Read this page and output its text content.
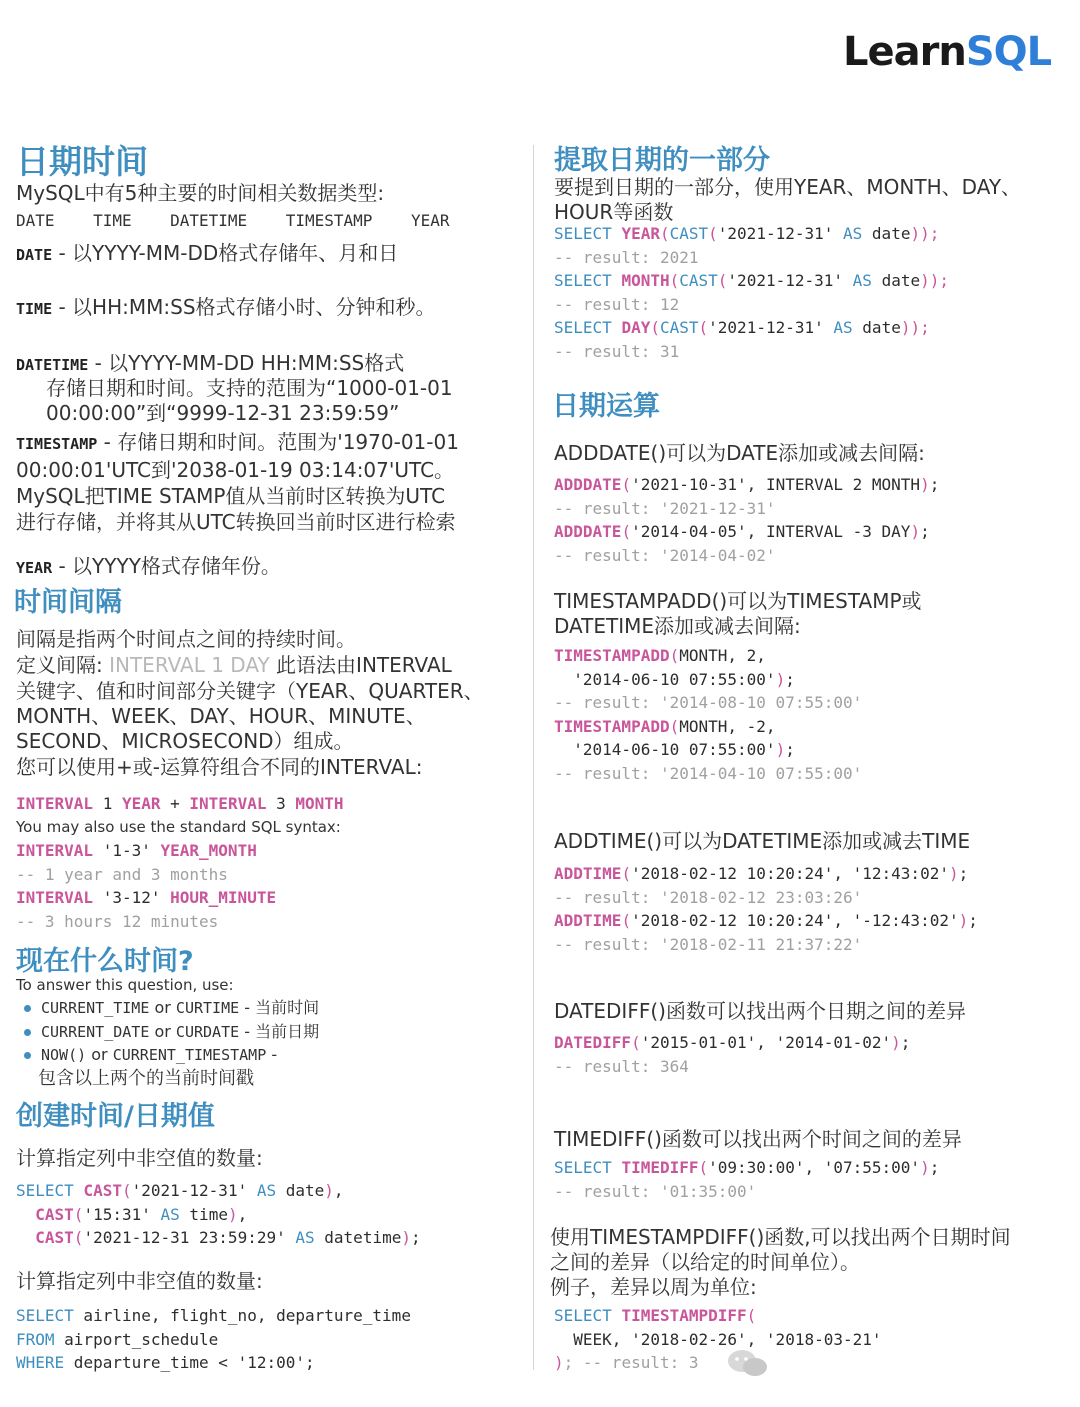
LearnSQL
日期时间
MySQL中有5种主要的时间相关数据类型:
DATE TIME DATETIME TIMESTAMP YEAR
DATE - 以YYYY-MM-DD格式存储年、月和日
TIME - 以HH:MM:SS格式存储小时、分钟和秒。
DATETIME - 以YYYY-MM-DD HH:MM:SS格式
存储日期和时间。支持的范围为“1000-01-01
00:00:00”到“9999-12-31 23:59:59”
TIMESTAMP - 存储日期和时间。范围为'1970-01-01
00:00:01'UTC到'2038-01-19 03:14:07'UTC。
MySQL把TIME STAMP值从当前时区转换为UTC
进行存储，并将其从UTC转换回当前时区进行检索
YEAR - 以YYYY格式存储年份。
时间间隔
间隔是指两个时间点之间的持续时间。
定义间隔: INTERVAL 1 DAY 此语法由INTERVAL
关键字、值和时间部分关键字（YEAR、QUARTER、
MONTH、WEEK、DAY、HOUR、MINUTE、
SECOND、MICROSECOND）组成。
您可以使用+或-运算符组合不同的INTERVAL:
INTERVAL 1 YEAR + INTERVAL 3 MONTH
You may also use the standard SQL syntax:
INTERVAL '1-3' YEAR_MONTH
-- 1 year and 3 months
INTERVAL '3-12' HOUR_MINUTE
-- 3 hours 12 minutes
现在什么时间?
To answer this question, use:
CURRENT_TIME or CURTIME - 当前时间
CURRENT_DATE or CURDATE - 当前日期
NOW() or CURRENT_TIMESTAMP -
包含以上两个的当前时间戳
创建时间/日期值
计算指定列中非空值的数量:
SELECT CAST('2021-12-31' AS date),
CAST('15:31' AS time),
CAST('2021-12-31 23:59:29' AS datetime);
计算指定列中非空值的数量:
SELECT airline, flight_no, departure_time
FROM airport_schedule
WHERE departure_time < '12:00';
提取日期的一部分
要提到日期的一部分，使用YEAR、MONTH、DAY、
HOUR等函数
SELECT YEAR(CAST('2021-12-31' AS date));
-- result: 2021
SELECT MONTH(CAST('2021-12-31' AS date));
-- result: 12
SELECT DAY(CAST('2021-12-31' AS date));
-- result: 31
日期运算
ADDDATE()可以为DATE添加或减去间隔:
ADDDATE('2021-10-31', INTERVAL 2 MONTH);
-- result: '2021-12-31'
ADDDATE('2014-04-05', INTERVAL -3 DAY);
-- result: '2014-04-02'
TIMESTAMPADD()可以为TIMESTAMP或
DATETIME添加或减去间隔:
TIMESTAMPADD(MONTH, 2,
'2014-06-10 07:55:00');
-- result: '2014-08-10 07:55:00'
TIMESTAMPADD(MONTH, -2,
'2014-06-10 07:55:00');
-- result: '2014-04-10 07:55:00'
ADDTIME()可以为DATETIME添加或减去TIME
ADDTIME('2018-02-12 10:20:24', '12:43:02');
-- result: '2018-02-12 23:03:26'
ADDTIME('2018-02-12 10:20:24', '-12:43:02');
-- result: '2018-02-11 21:37:22'
DATEDIFF()函数可以找出两个日期之间的差异
DATEDIFF('2015-01-01', '2014-01-02');
-- result: 364
TIMEDIFF()函数可以找出两个时间之间的差异
SELECT TIMEDIFF('09:30:00', '07:55:00');
-- result: '01:35:00'
使用TIMESTAMPDIFF()函数,可以找出两个日期时间
之间的差异（以给定的时间单位）。
例子，差异以周为单位:
SELECT TIMESTAMPDIFF(
WEEK, '2018-02-26', '2018-03-21'
); -- result: 3
